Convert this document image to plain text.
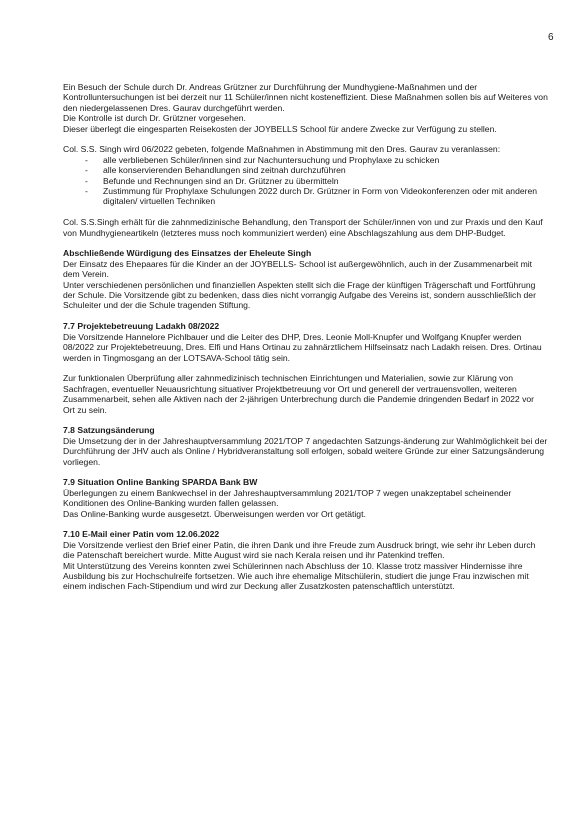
6

Ein Besuch der Schule durch Dr. Andreas Grützner zur Durchführung der Mundhygiene-Maßnahmen und der Kontrolluntersuchungen ist bei derzeit nur 11 Schüler/innen nicht kosteneffizient. Diese Maßnahmen sollen bis auf Weiteres von den niedergelassenen Dres. Gaurav durchgeführt werden.

Die Kontrolle ist durch Dr. Grützner vorgesehen.

Dieser überlegt die eingesparten Reisekosten der JOYBELLS School für andere Zwecke zur Verfügung zu stellen.

Col. S.S. Singh wird 06/2022 gebeten, folgende Maßnahmen in Abstimmung mit den Dres. Gaurav zu veranlassen:

- alle verbliebenen Schüler/innen sind zur Nachuntersuchung und Prophylaxe zu schicken
- alle konservierenden Behandlungen sind zeitnah durchzuführen
- Befunde und Rechnungen sind an Dr. Grützner zu übermitteln
- Zustimmung für Prophylaxe Schulungen 2022 durch Dr. Grützner in Form von Videokonferenzen oder mit anderen digitalen/ virtuellen Techniken

Col. S.S.Singh erhält für die zahnmedizinische Behandlung, den Transport der Schüler/innen von und zur Praxis und den Kauf von Mundhygieneartikeln (letzteres muss noch kommuniziert werden) eine Abschlagszahlung aus dem DHP-Budget.

Abschließende Würdigung des Einsatzes der Eheleute Singh

Der Einsatz des Ehepaares für die Kinder an der JOYBELLS- School ist außergewöhnlich, auch in der Zusammenarbeit mit dem Verein.

Unter verschiedenen persönlichen und finanziellen Aspekten stellt sich die Frage der künftigen Trägerschaft und Fortführung der Schule. Die Vorsitzende gibt zu bedenken, dass dies nicht vorrangig Aufgabe des Vereins ist, sondern ausschließlich der Schuleiter und der die Schule tragenden Stiftung.

7.7 Projektebetreuung Ladakh 08/2022

Die Vorsitzende Hannelore Pichlbauer und die Leiter des DHP, Dres. Leonie Moll-Knupfer und Wolfgang Knupfer werden 08/2022 zur Projektebetreuung, Dres. Elfi und Hans Ortinau zu zahnärztlichem Hilfseinsatz nach Ladakh reisen. Dres. Ortinau werden in Tingmosgang an der LOTSAVA-School tätig sein.

Zur funktionalen Überprüfung aller zahnmedizinisch technischen Einrichtungen und Materialien, sowie zur Klärung von Sachfragen, eventueller Neuausrichtung situativer Projektbetreuung vor Ort und generell der vertrauensvollen, weiteren Zusammenarbeit, sehen alle Aktiven nach der 2-jährigen Unterbrechung durch die Pandemie dringenden Bedarf in 2022 vor Ort zu sein.

7.8 Satzungsänderung

Die Umsetzung der in der Jahreshauptversammlung 2021/TOP 7 angedachten Satzungs-änderung zur Wahlmöglichkeit bei der Durchführung der JHV auch als Online / Hybridveranstaltung soll erfolgen, sobald weitere Gründe zur einer Satzungsänderung vorliegen.

7.9 Situation Online Banking SPARDA Bank BW

Überlegungen zu einem Bankwechsel in der Jahreshauptversammlung 2021/TOP 7 wegen unakzeptabel scheinender Konditionen des Online-Banking wurden fallen gelassen.

Das Online-Banking wurde ausgesetzt. Überweisungen werden vor Ort getätigt.

7.10 E-Mail einer Patin vom 12.06.2022

Die Vorsitzende verliest den Brief einer Patin, die ihren Dank und ihre Freude zum Ausdruck bringt, wie sehr ihr Leben durch die Patenschaft bereichert wurde. Mitte August wird sie nach Kerala reisen und ihr Patenkind treffen.

Mit Unterstützung des Vereins konnten zwei Schülerinnen nach Abschluss der 10. Klasse trotz massiver Hindernisse ihre Ausbildung bis zur Hochschulreife fortsetzen. Wie auch ihre ehemalige Mitschülerin, studiert die junge Frau inzwischen mit einem indischen Fach-Stipendium und wird zur Deckung aller Zusatzkosten patenschaftlich unterstützt.
